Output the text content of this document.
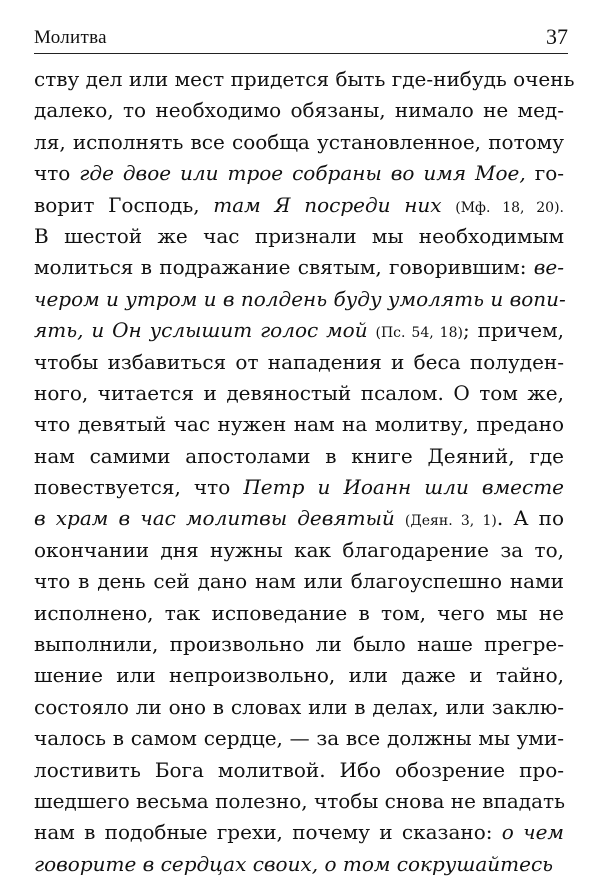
Молитва	37
ству дел или мест придется быть где-нибудь очень
далеко, то необходимо обязаны, нимало не мед-
ля, исполнять все сообща установленное, потому
что где двое или трое собраны во имя Мое, го-
ворит Господь, там Я посреди них (Мф. 18, 20).
В шестой же час признали мы необходимым
молиться в подражание святым, говорившим: ве-
чером и утром и в полдень буду умолять и вопи-
ять, и Он услышит голос мой (Пс. 54, 18); причем,
чтобы избавиться от нападения и беса полуден-
ного, читается и девяностый псалом. О том же,
что девятый час нужен нам на молитву, предано
нам самими апостолами в книге Деяний, где
повествуется, что Петр и Иоанн шли вместе
в храм в час молитвы девятый (Деян. 3, 1). А по
окончании дня нужны как благодарение за то,
что в день сей дано нам или благоуспешно нами
исполнено, так исповедание в том, чего мы не
выполнили, произвольно ли было наше прегре-
шение или непроизвольно, или даже и тайно,
состояло ли оно в словах или в делах, или заклю-
чалось в самом сердце, — за все должны мы уми-
лостивить Бога молитвой. Ибо обозрение про-
шедшего весьма полезно, чтобы снова не впадать
нам в подобные грехи, почему и сказано: о чем
говорите в сердцах своих, о том сокрушайтесь
